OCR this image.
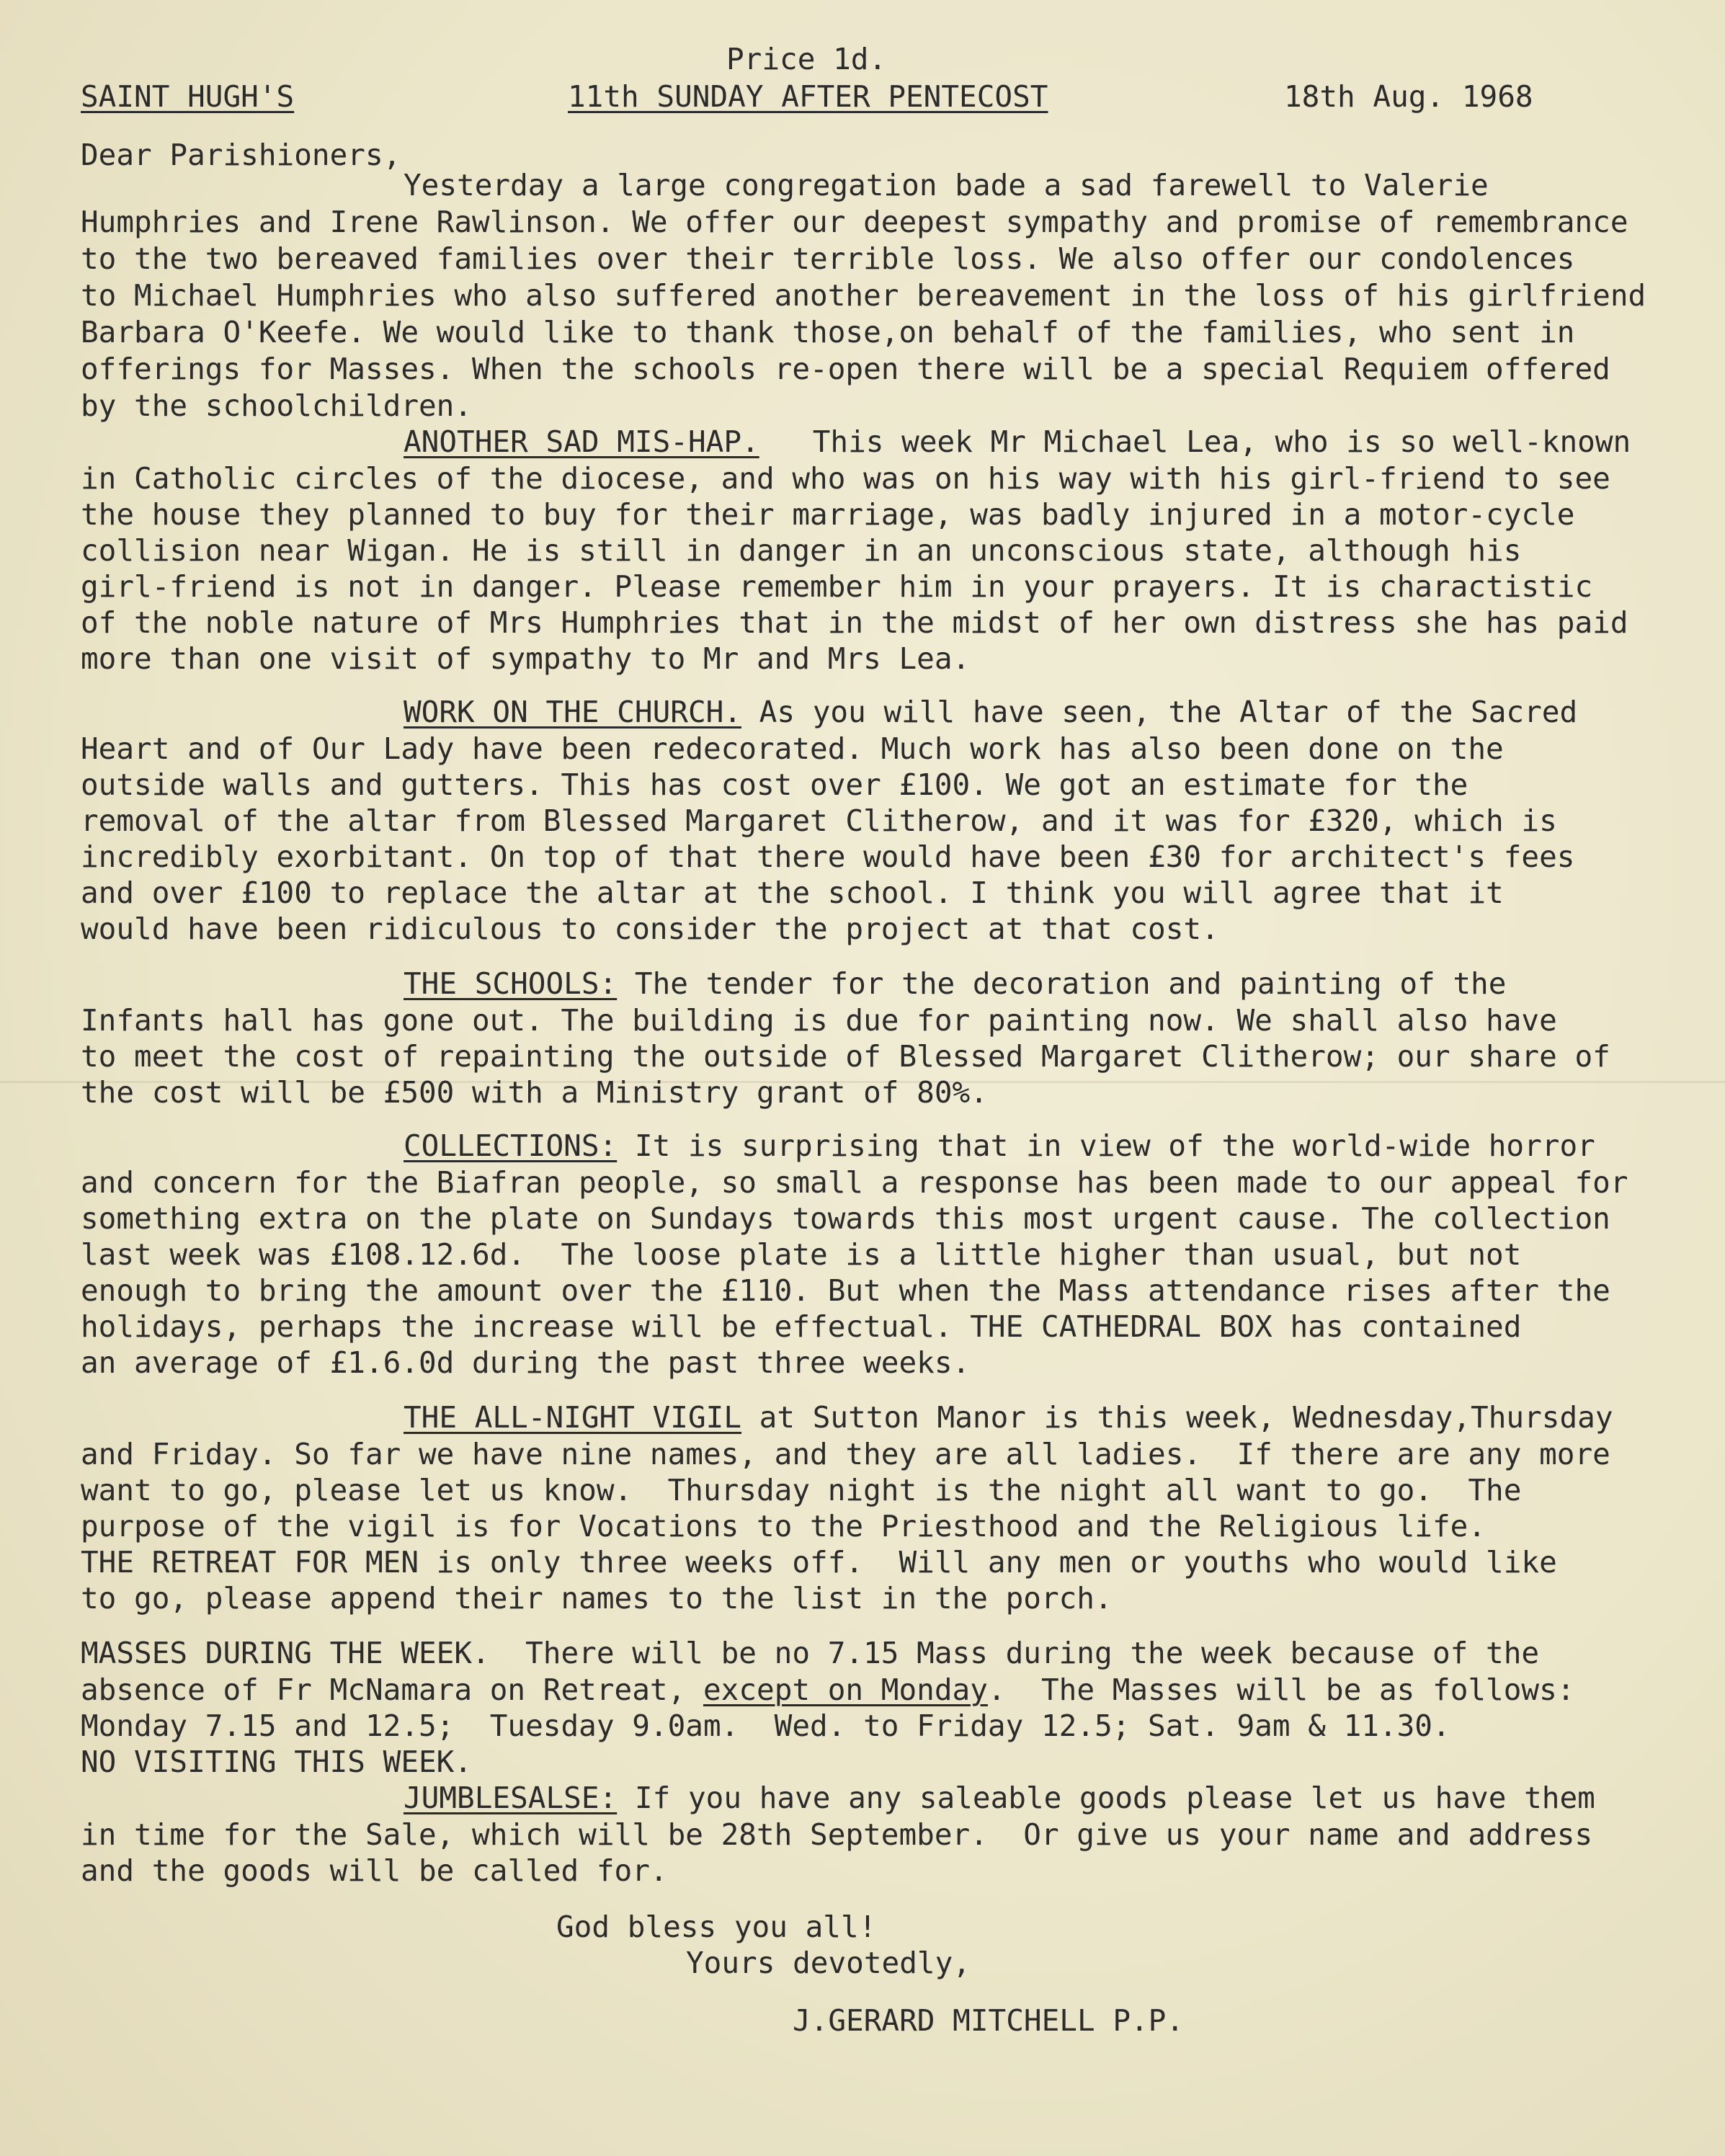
Price 1d.
SAINT HUGH'S	11th SUNDAY AFTER PENTECOST	18th Aug. 1968
Dear Parishioners,
Yesterday a large congregation bade a sad farewell to Valerie
Humphries and Irene Rawlinson. We offer our deepest sympathy and promise of remembrance
to the two bereaved families over their terrible loss. We also offer our condolences
to Michael Humphries who also suffered another bereavement in the loss of his girlfriend
Barbara O'Keefe. We would like to thank those,on behalf of the families, who sent in
offerings for Masses. When the schools re-open there will be a special Requiem offered
by the schoolchildren.
ANOTHER SAD MIS-HAP.   This week Mr Michael Lea, who is so well-known
in Catholic circles of the diocese, and who was on his way with his girl-friend to see
the house they planned to buy for their marriage, was badly injured in a motor-cycle
collision near Wigan. He is still in danger in an unconscious state, although his
girl-friend is not in danger. Please remember him in your prayers. It is charactistic
of the noble nature of Mrs Humphries that in the midst of her own distress she has paid
more than one visit of sympathy to Mr and Mrs Lea.
WORK ON THE CHURCH. As you will have seen, the Altar of the Sacred
Heart and of Our Lady have been redecorated. Much work has also been done on the
outside walls and gutters. This has cost over £100. We got an estimate for the
removal of the altar from Blessed Margaret Clitherow, and it was for £320, which is
incredibly exorbitant. On top of that there would have been £30 for architect's fees
and over £100 to replace the altar at the school. I think you will agree that it
would have been ridiculous to consider the project at that cost.
THE SCHOOLS: The tender for the decoration and painting of the
Infants hall has gone out. The building is due for painting now. We shall also have
to meet the cost of repainting the outside of Blessed Margaret Clitherow; our share of
the cost will be £500 with a Ministry grant of 80%.
COLLECTIONS: It is surprising that in view of the world-wide horror
and concern for the Biafran people, so small a response has been made to our appeal for
something extra on the plate on Sundays towards this most urgent cause. The collection
last week was £108.12.6d.  The loose plate is a little higher than usual, but not
enough to bring the amount over the £110. But when the Mass attendance rises after the
holidays, perhaps the increase will be effectual. THE CATHEDRAL BOX has contained
an average of £1.6.0d during the past three weeks.
THE ALL-NIGHT VIGIL at Sutton Manor is this week, Wednesday,Thursday
and Friday. So far we have nine names, and they are all ladies.  If there are any more
want to go, please let us know.  Thursday night is the night all want to go.  The
purpose of the vigil is for Vocations to the Priesthood and the Religious life.
THE RETREAT FOR MEN is only three weeks off.  Will any men or youths who would like
to go, please append their names to the list in the porch.
MASSES DURING THE WEEK.  There will be no 7.15 Mass during the week because of the
absence of Fr McNamara on Retreat, except on Monday.  The Masses will be as follows:
Monday 7.15 and 12.5;  Tuesday 9.0am.  Wed. to Friday 12.5; Sat. 9am & 11.30.
NO VISITING THIS WEEK.
JUMBLESALSE: If you have any saleable goods please let us have them
in time for the Sale, which will be 28th September.  Or give us your name and address
and the goods will be called for.
God bless you all!
Yours devotedly,
J.GERARD MITCHELL P.P.
